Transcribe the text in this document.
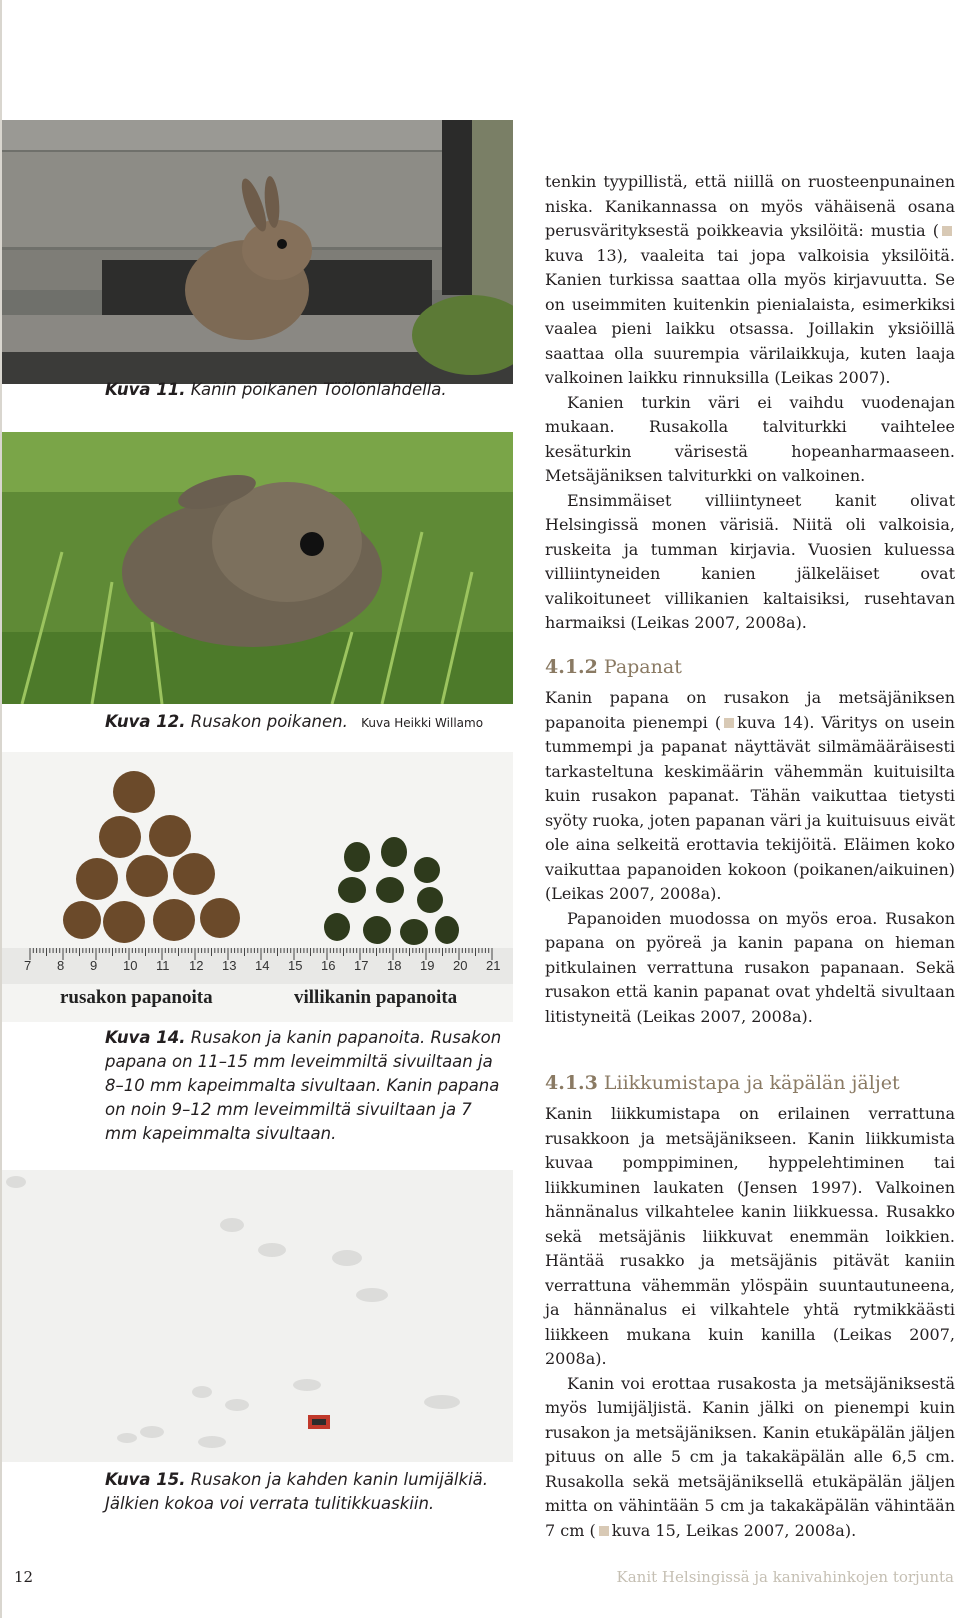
Kuva 11. Kanin poikanen Töölönlahdella.
Kuva 12. Rusakon poikanen. Kuva Heikki Willamo
7 8 9 10 11 12 13 14 15 16 17 18 19 20 21
rusakon papanoita	villikanin papanoita
Kuva 14. Rusakon ja kanin papanoita. Rusakon papana on 11–15 mm leveimmiltä sivuiltaan ja 8–10 mm kapeimmalta sivultaan. Kanin papana on noin 9–12 mm leveimmiltä sivuiltaan ja 7 mm kapeimmalta sivultaan.
Kuva 15. Rusakon ja kahden kanin lumijälkiä. Jälkien kokoa voi verrata tulitikkuaskiin.

tenkin tyypillistä, että niillä on ruosteenpunainen niska. Kanikannassa on myös vähäisenä osana perusvärityksestä poikkeavia yksilöitä: mustia (kuva 13), vaaleita tai jopa valkoisia yksilöitä. Kanien turkissa saattaa olla myös kirjavuutta. Se on useimmiten kuitenkin pienialaista, esimerkiksi vaalea pieni laikku otsassa. Joillakin yksiöillä saattaa olla suurempia värilaikkuja, kuten laaja valkoinen laikku rinnuksilla (Leikas 2007).

Kanien turkin väri ei vaihdu vuodenajan mukaan. Rusakolla talviturkki vaihtelee kesäturkin värisestä hopeanharmaaseen. Metsäjäniksen talviturkki on valkoinen.

Ensimmäiset villiintyneet kanit olivat Helsingissä monen värisiä. Niitä oli valkoisia, ruskeita ja tumman kirjavia. Vuosien kuluessa villiintyneiden kanien jälkeläiset ovat valikoituneet villikanien kaltaisiksi, rusehtavan harmaiksi (Leikas 2007, 2008a).

4.1.2 Papanat

Kanin papana on rusakon ja metsäjäniksen papanoita pienempi ( kuva 14). Väritys on usein tummempi ja papanat näyttävät silmämääräisesti tarkasteltuna keskimäärin vähemmän kuituisilta kuin rusakon papanat. Tähän vaikuttaa tietysti syöty ruoka, joten papanan väri ja kuituisuus eivät ole aina selkeitä erottavia tekijöitä. Eläimen koko vaikuttaa papanoiden kokoon (poikanen/aikuinen) (Leikas 2007, 2008a).

Papanoiden muodossa on myös eroa. Rusakon papana on pyöreä ja kanin papana on hieman pitkulainen verrattuna rusakon papanaan. Sekä rusakon että kanin papanat ovat yhdeltä sivultaan litistyneitä (Leikas 2007, 2008a).

4.1.3 Liikkumistapa ja käpälän jäljet

Kanin liikkumistapa on erilainen verrattuna rusakkoon ja metsäjänikseen. Kanin liikkumista kuvaa pomppiminen, hyppelehtiminen tai liikkuminen laukaten (Jensen 1997). Valkoinen hännänalus vilkahtelee kanin liikkuessa. Rusakko sekä metsäjänis liikkuvat enemmän loikkien. Häntää rusakko ja metsäjänis pitävät kaniin verrattuna vähemmän ylöspäin suuntautuneena, ja hännänalus ei vilkahtele yhtä rytmikkäästi liikkeen mukana kuin kanilla (Leikas 2007, 2008a).

Kanin voi erottaa rusakosta ja metsäjäniksestä myös lumijäljistä. Kanin jälki on pienempi kuin rusakon ja metsäjäniksen. Kanin etukäpälän jäljen pituus on alle 5 cm ja takakäpälän alle 6,5 cm. Rusakolla sekä metsäjäniksellä etukäpälän jäljen mitta on vähintään 5 cm ja takakäpälän vähintään 7 cm ( kuva 15, Leikas 2007, 2008a).

12	Kanit Helsingissä ja kanivahinkojen torjunta
